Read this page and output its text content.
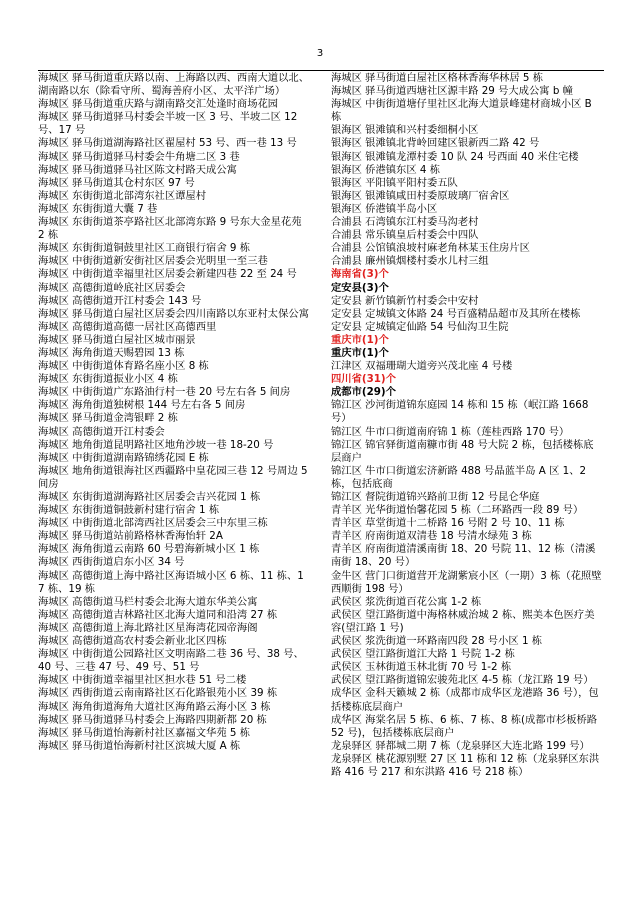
3

海城区 驿马街道重庆路以南、上海路以西、西南大道以北、湖南路以东（除看守所、蜀海善府小区、太平洋广场）

海城区 驿马街道重庆路与湖南路交汇处逢时商场花园

海城区 驿马街道驿马村委会半坡一区 3 号、半坡二区 12 号、17 号

海城区 驿马街道湖海路社区翟屋村 53 号、西一巷 13 号

海城区 驿马街道驿马村委会牛角塘二区 3 巷

海城区 驿马街道驿马社区陈文村路天成公寓

海城区 驿马街道其仓村东区 97 号

海城区 东街街道北部湾东社区谭屋村

海城区 东街街道大囊 7 巷

海城区 东街街道茶亭路社区北部湾东路 9 号东大金星花苑 2 栋

海城区 东街街道铜鼓里社区工商银行宿舍 9 栋

海城区 中街街道新安街社区居委会光明里一至三巷

海城区 中街街道幸福里社区居委会新建四巷 22 至 24 号

海城区 高德街道岭底社区居委会

海城区 高德街道开江村委会 143 号

海城区 驿马街道白屋社区居委会四川南路以东亚村太保公寓

海城区 高德街道高德一居社区高德西里

海城区 驿马街道白屋社区城市丽景

海城区 海角街道天赐碧园 13 栋

海城区 中街街道体育路名座小区 8 栋

海城区 东街街道振业小区 4 栋

海城区 中街街道广东路油行村一巷 20 号左右各 5 间房

海城区 海角街道独树根 144 号左右各 5 间房

海城区 驿马街道金湾银畔 2 栋

海城区 高德街道开江村委会

海城区 地角街道昆明路社区地角沙坡一巷 18-20 号

海城区 中街街道湖南路锦绣花园 E 栋

海城区 地角街道银海社区西疆路中皇花园三巷 12 号周边 5 间房

海城区 东街街道湖海路社区居委会吉兴花园 1 栋

海城区 东街街道铜鼓新村建行宿舍 1 栋

海城区 中街街道北部湾西社区居委会三中东里三栋

海城区 驿马街道站前路格林香海怡轩 2A

海城区 海角街道云南路 60 号碧海新城小区 1 栋

海城区 西街街道启东小区 34 号

海城区 高德街道上海中路社区海语城小区 6 栋、11 栋、17 栋、19 栋

海城区 高德街道马栏村委会北海大道东华美公寓

海城区 高德街道吉林路社区北海大道同和沿湾 27 栋

海城区 高德街道上海北路社区星海湾花园帝海阁

海城区 高德街道高农村委会新业北区四栋

海城区 中街街道公园路社区文明南路二巷 36 号、38 号、40 号、三巷 47 号、49 号、51 号

海城区 中街街道幸福里社区担水巷 51 号二楼

海城区 西街街道云南南路社区石化路银苑小区 39 栋

海城区 海角街道海角大道社区海角路云海小区 3 栋

海城区 驿马街道驿马村委会上海路四期新都 20 栋

海城区 驿马街道怡海新村社区嘉福文华苑 5 栋

海城区 驿马街道怡海新村社区滨城大厦 A 栋

海城区 驿马街道白屋社区格林香海华林居 5 栋

海城区 驿马街道西塘社区源丰路 29 号大成公寓 b 幢

海城区 中街街道塘仔里社区北海大道景峰建材商城小区 B 栋

银海区 银滩镇和兴村委细桐小区

银海区 银滩镇北背岭回建区银新西二路 42 号

银海区 银滩镇龙潭村委 10 队 24 号西面 40 米住宅楼

银海区 侨港镇东区 4 栋

银海区 平阳镇平阳村委五队

银海区 银滩镇咸田村委原玻璃厂宿舍区

银海区 侨港镇半岛小区

合浦县 石湾镇东江村委马沟老村

合浦县 常乐镇皇后村委会中四队

合浦县 公馆镇浪坡村麻老角林某玉住房片区

合浦县 廉州镇烟楼村委水儿村三组

海南省(3)个

定安县(3)个

定安县 新竹镇新竹村委会中安村

定安县 定城镇文体路 24 号百盛精品超市及其所在楼栋

定安县 定城镇定仙路 54 号仙沟卫生院

重庆市(1)个

重庆市(1)个

江津区 双福珊瑚大道旁兴茂北座 4 号楼

四川省(31)个

成都市(29)个

锦江区 沙河街道锦东庭园 14 栋和 15 栋（岷江路 1668 号）

锦江区 牛市口街道南府锦 1 栋（莲桂西路 170 号）

锦江区 锦官驿街道南糠市街 48 号大院 2 栋，包括楼栋底层商户

锦江区 牛市口街道宏济新路 488 号晶蓝半岛 A 区 1、2 栋，包括底商

锦江区 督院街道锦兴路前卫街 12 号昆仑华庭

青羊区 光华街道怡馨花园 5 栋（二环路西一段 89 号）

青羊区 草堂街道十二桥路 16 号附 2 号 10、11 栋

青羊区 府南街道双清巷 18 号清水绿苑 3 栋

青羊区 府南街道清溪南街 18、20 号院 11、12 栋（清溪南街 18、20 号）

金牛区 营门口街道营开龙湖紫宸小区（一期）3 栋（花照壁西顺街 198 号）

武侯区 浆洗街道百花公寓 1-2 栋

武侯区 望江路街道中海格林威治城 2 栋、熙美本色医疗美容(望江路 1 号)

武侯区 浆洗街道一环路南四段 28 号小区 1 栋

武侯区 望江路街道江大路 1 号院 1-2 栋

武侯区 玉林街道玉林北街 70 号 1-2 栋

武侯区 望江路街道锦宏骏苑北区 4-5 栋（龙江路 19 号）

成华区 金科天籁城 2 栋（成都市成华区龙港路 36 号），包括楼栋底层商户

成华区 海棠名居 5 栋、6 栋、7 栋、8 栋(成都市杉板桥路 52 号)，包括楼栋底层商户

龙泉驿区 驿都城二期 7 栋（龙泉驿区大连北路 199 号）

龙泉驿区 桃花源别墅 27 区 11 栋和 12 栋（龙泉驿区东洪路 416 号 217 和东洪路 416 号 218 栋）
